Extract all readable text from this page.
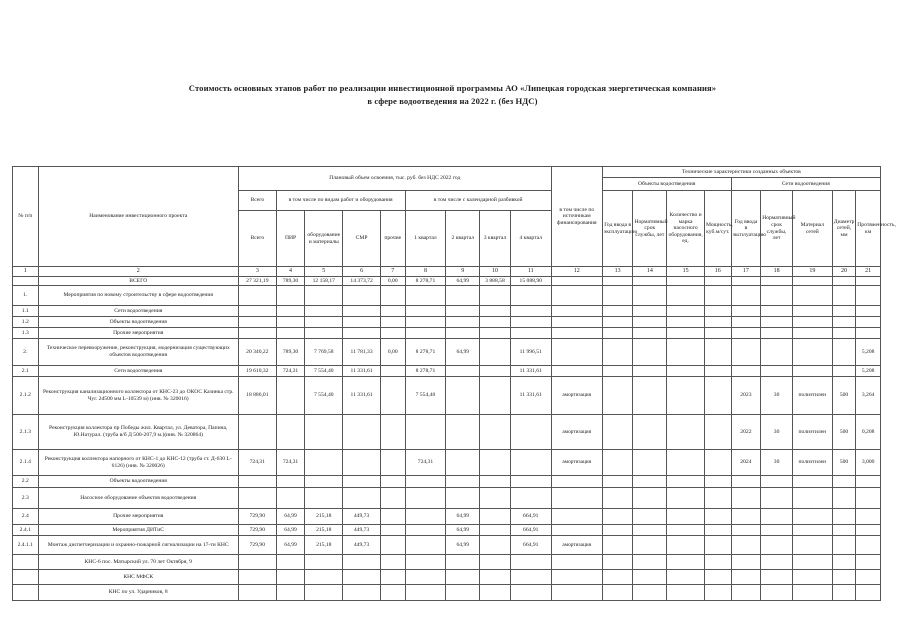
Стоимость основных этапов работ по реализации инвестиционной программы АО «Липецкая городская энергетическая компания»
в сфере водоотведения на 2022 г. (без НДС)
№ п/п	Наименование инвестиционного проекта	Плановый объем освоения, тыс. руб. без НДС 2022 год									в том числе по источникам финансирования	Технические характеристики созданных объектов								
												Объекты водоотведения				Сети водоотведения				
		Всего	в том числе по видам работ и оборудования				в том числе с календарной разбивкой					Год ввода в эксплуатацию	Нормативный срок службы, лет	Количество и марка насосного оборудования, ед.	Мощность, куб.м/сут.	Год ввода в эксплуатацию	Нормативный срок службы, лет	Материал сетей	Диаметр сетей, мм	Протяженность, км
		Всего	ПИР	оборудование и материалы	СМР	прочие	1 квартал	2 квартал	3 квартал	4 квартал										
1	2	3	4	5	6	7	8	9	10	11	12	13	14	15	16	17	18	19	20	21
	ВСЕГО	27 321,19	789,30	12 158,17	14 373,72	0,00	8 278,71	64,99	3 888,58	15 088,90										
1.	Мероприятия по новому строительству в сфере водоотведения																			
1.1	Сети водоотведения																			
1.2	Объекты водоотведения																			
1.3	Прочие мероприятия																			
2.	Техническое перевооружение, реконструкция, модернизация существующих объектов водоотведения	20 340,22	789,30	7 769,58	11 781,33	0,00	8 278,71	64,99		11 996,51										5,208
2.1	Сети водоотведения	19 610,32	724,31	7 554,40	11 331,61		8 278,71			11 331,61										5,208
2.1.2	Реконструкция канализационного коллектора от КНС-23 до ОКОС Казинка стр. Чуг. 2d500 мм L-10539 м) (инв. № 320016)	18 886,01		7 554,40	11 331,61		7 554,40			11 331,61	амортизация					2023	30	полиэтилен	500	3,264
2.1.3	Реконструкция коллектора пр Победы жил. Квартал, ул. Деватора, Папина, Ю.Натурал. (труба в/б Д 500-207,9 м.)(инв. № 320864)										амортизация					2022	30	полиэтилен	500	0,208
2.1.4	Реконструкция коллектора напорного от КНС-1 до КНС-12 (труба ст. Д-630 L-6126) (инв. № 320026)	724,31	724,31				724,31				амортизация					2024	30	полиэтилен	500	3,000
2.2	Объекты водоотведения																			
2.3	Насосное оборудование объектов водоотведения																			
2.4	Прочие мероприятия	729,90	64,99	215,18	449,73			64,99		664,91										
2.4.1	Мероприятия ДИТиС	729,90	64,99	215,18	449,73			64,99		664,91										
2.4.1.1	Монтаж диспетчеризации и охранно-пожарной сигнализации на 17-ти КНС	729,90	64,99	215,18	449,73			64,99		664,91	амортизация									
	КНС-6 пос. Матырский ул. 70 лет Октября, 9																			
	КНС МФСК																			
	КНС по ул. Ударников, 8																			
